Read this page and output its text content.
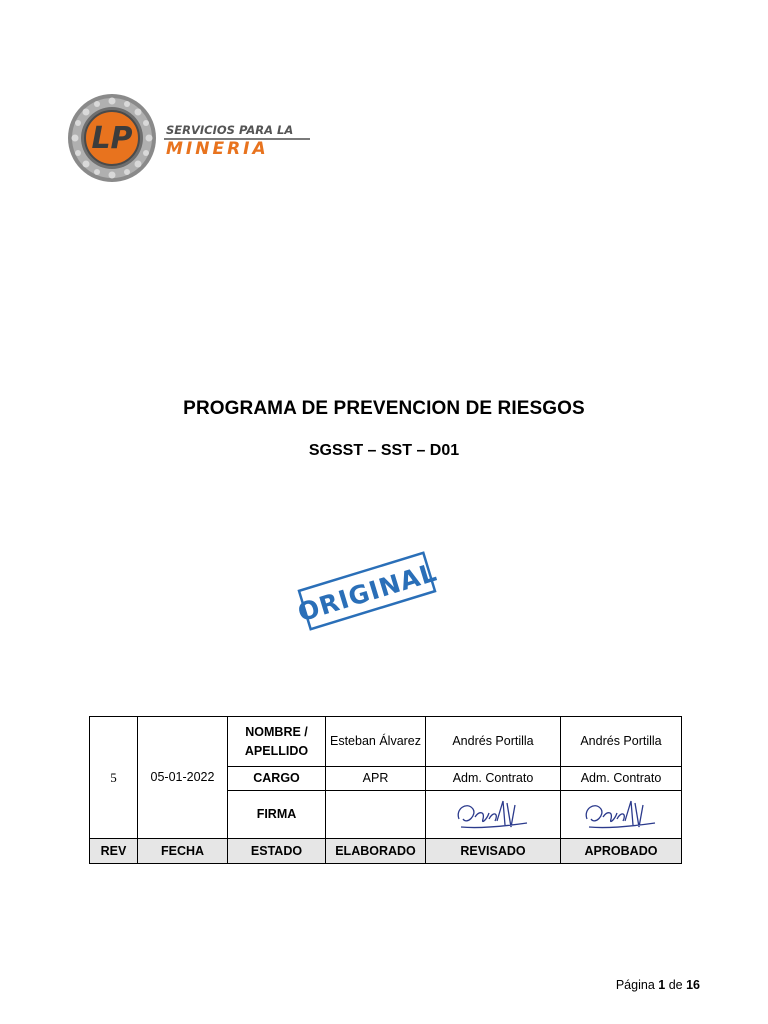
LP	SERVICIOS PARA LA
MINERIA
PROGRAMA DE PREVENCION DE RIESGOS
SGSST – SST – D01
ORIGINAL
5	05-01-2022	NOMBRE / APELLIDO	Esteban Álvarez	Andrés Portilla	Andrés Portilla
		CARGO	APR	Adm. Contrato	Adm. Contrato
		FIRMA		

REV	FECHA	ESTADO	ELABORADO	REVISADO	APROBADO
Página 1 de 16
